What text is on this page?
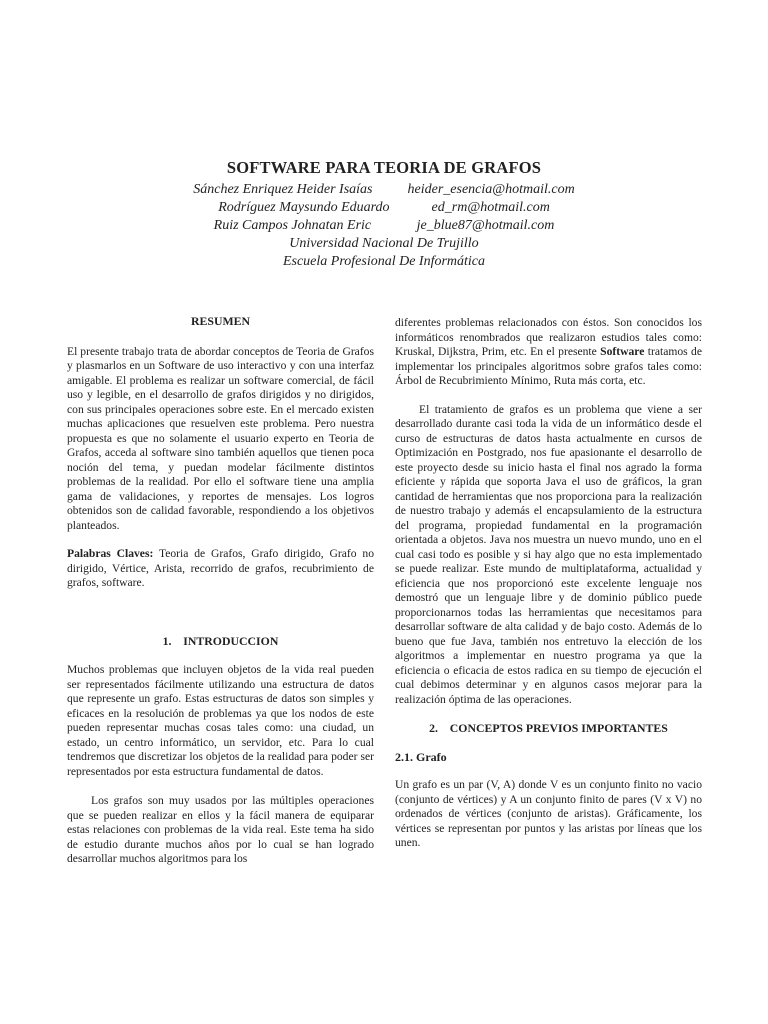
SOFTWARE PARA TEORIA DE GRAFOS
Sánchez Enriquez Heider Isaías	heider_esencia@hotmail.com
Rodríguez Maysundo Eduardo	ed_rm@hotmail.com
Ruiz Campos Johnatan Eric	je_blue87@hotmail.com
Universidad Nacional De Trujillo
Escuela Profesional De Informática

RESUMEN

El presente trabajo trata de abordar conceptos de Teoria de Grafos y plasmarlos en un Software de uso interactivo y con una interfaz amigable. El problema es realizar un software comercial, de fácil uso y legible, en el desarrollo de grafos dirigidos y no dirigidos, con sus principales operaciones sobre este. En el mercado existen muchas aplicaciones que resuelven este problema. Pero nuestra propuesta es que no solamente el usuario experto en Teoria de Grafos, acceda al software sino también aquellos que tienen poca noción del tema, y puedan modelar fácilmente distintos problemas de la realidad. Por ello el software tiene una amplia gama de validaciones, y reportes de mensajes. Los logros obtenidos son de calidad favorable, respondiendo a los objetivos planteados.

Palabras Claves: Teoria de Grafos, Grafo dirigido, Grafo no dirigido, Vértice, Arista, recorrido de grafos, recubrimiento de grafos, software.

1.    INTRODUCCION

Muchos problemas que incluyen objetos de la vida real pueden ser representados fácilmente utilizando una estructura de datos que represente un grafo. Estas estructuras de datos son simples y eficaces en la resolución de problemas ya que los nodos de este pueden representar muchas cosas tales como: una ciudad, un estado, un centro informático, un servidor, etc. Para lo cual tendremos que discretizar los objetos de la realidad para poder ser representados por esta estructura fundamental de datos.

Los grafos son muy usados por las múltiples operaciones que se pueden realizar en ellos y la fácil manera de equiparar estas relaciones con problemas de la vida real. Este tema ha sido de estudio durante muchos años por lo cual se han logrado desarrollar muchos algoritmos para los

diferentes problemas relacionados con éstos. Son conocidos los informáticos renombrados que realizaron estudios tales como: Kruskal, Dijkstra, Prim, etc. En el presente Software tratamos de implementar los principales algoritmos sobre grafos tales como: Árbol de Recubrimiento Mínimo, Ruta más corta, etc.

El tratamiento de grafos es un problema que viene a ser desarrollado durante casi toda la vida de un informático desde el curso de estructuras de datos hasta actualmente en cursos de Optimización en Postgrado, nos fue apasionante el desarrollo de este proyecto desde su inicio hasta el final nos agrado la forma eficiente y rápida que soporta Java el uso de gráficos, la gran cantidad de herramientas que nos proporciona para la realización de nuestro trabajo y además el encapsulamiento de la estructura del programa, propiedad fundamental en la programación orientada a objetos. Java nos muestra un nuevo mundo, uno en el cual casi todo es posible y si hay algo que no esta implementado se puede realizar. Este mundo de multiplataforma, actualidad y eficiencia que nos proporcionó este excelente lenguaje nos demostró que un lenguaje libre y de dominio público puede proporcionarnos todas las herramientas que necesitamos para desarrollar software de alta calidad y de bajo costo. Además de lo bueno que fue Java, también nos entretuvo la elección de los algoritmos a implementar en nuestro programa ya que la eficiencia o eficacia de estos radica en su tiempo de ejecución el cual debimos determinar y en algunos casos mejorar para la realización óptima de las operaciones.

2.    CONCEPTOS PREVIOS IMPORTANTES

2.1. Grafo

Un grafo es un par (V, A) donde V es un conjunto finito no vacio (conjunto de vértices) y A un conjunto finito de pares (V x V) no ordenados de vértices (conjunto de aristas). Gráficamente, los vértices se representan por puntos y las aristas por líneas que los unen.
